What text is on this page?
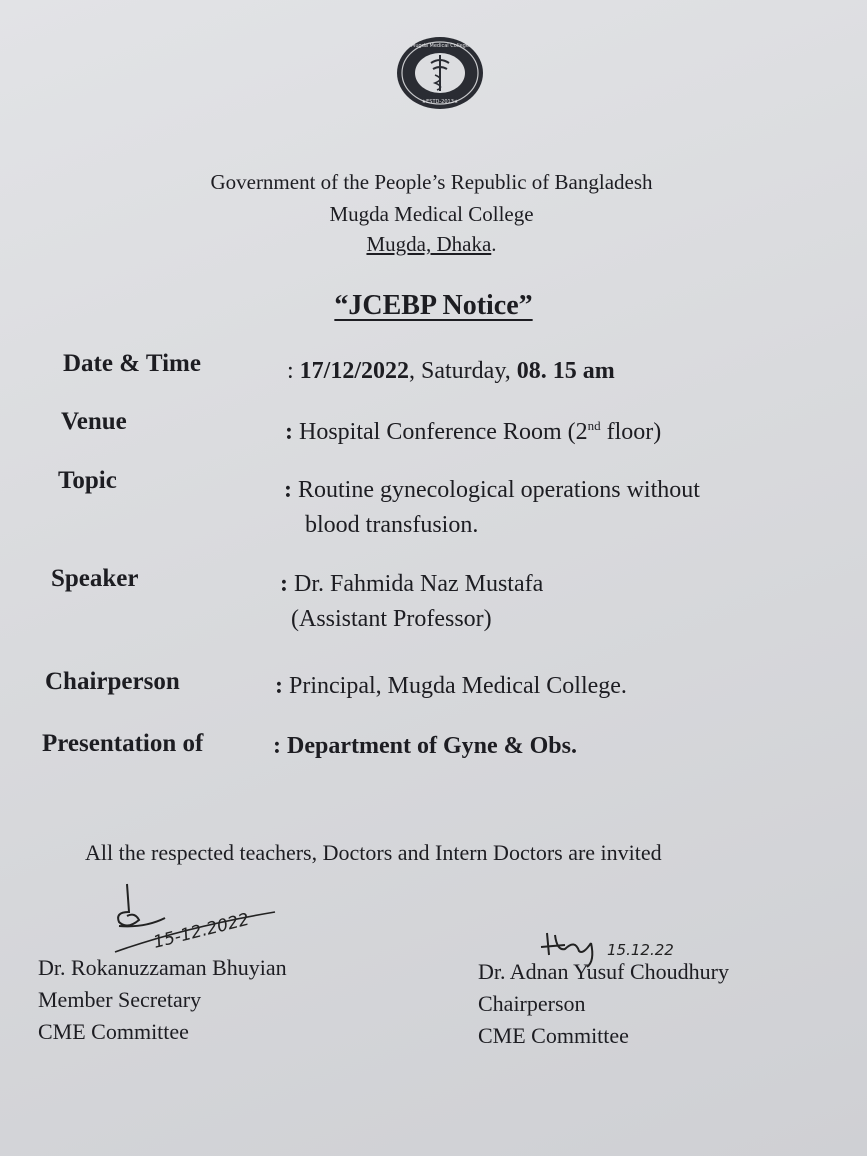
★ESTD-2013★
Mugda Medical College
Government of the People’s Republic of Bangladesh
Mugda Medical College
Mugda, Dhaka.
“JCEBP Notice”
Date & Time	: 17/12/2022, Saturday, 08. 15 am
Venue	: Hospital Conference Room (2nd floor)
Topic	: Routine gynecological operations without
blood transfusion.
Speaker	: Dr. Fahmida Naz Mustafa
(Assistant Professor)
Chairperson	: Principal, Mugda Medical College.
Presentation of	: Department of Gyne & Obs.
All the respected teachers, Doctors and Intern Doctors are invited
15-12.2022	15.12.22
Dr. Rokanuzzaman Bhuyian
Member Secretary
CME Committee
Dr. Adnan Yusuf Choudhury
Chairperson
CME Committee
